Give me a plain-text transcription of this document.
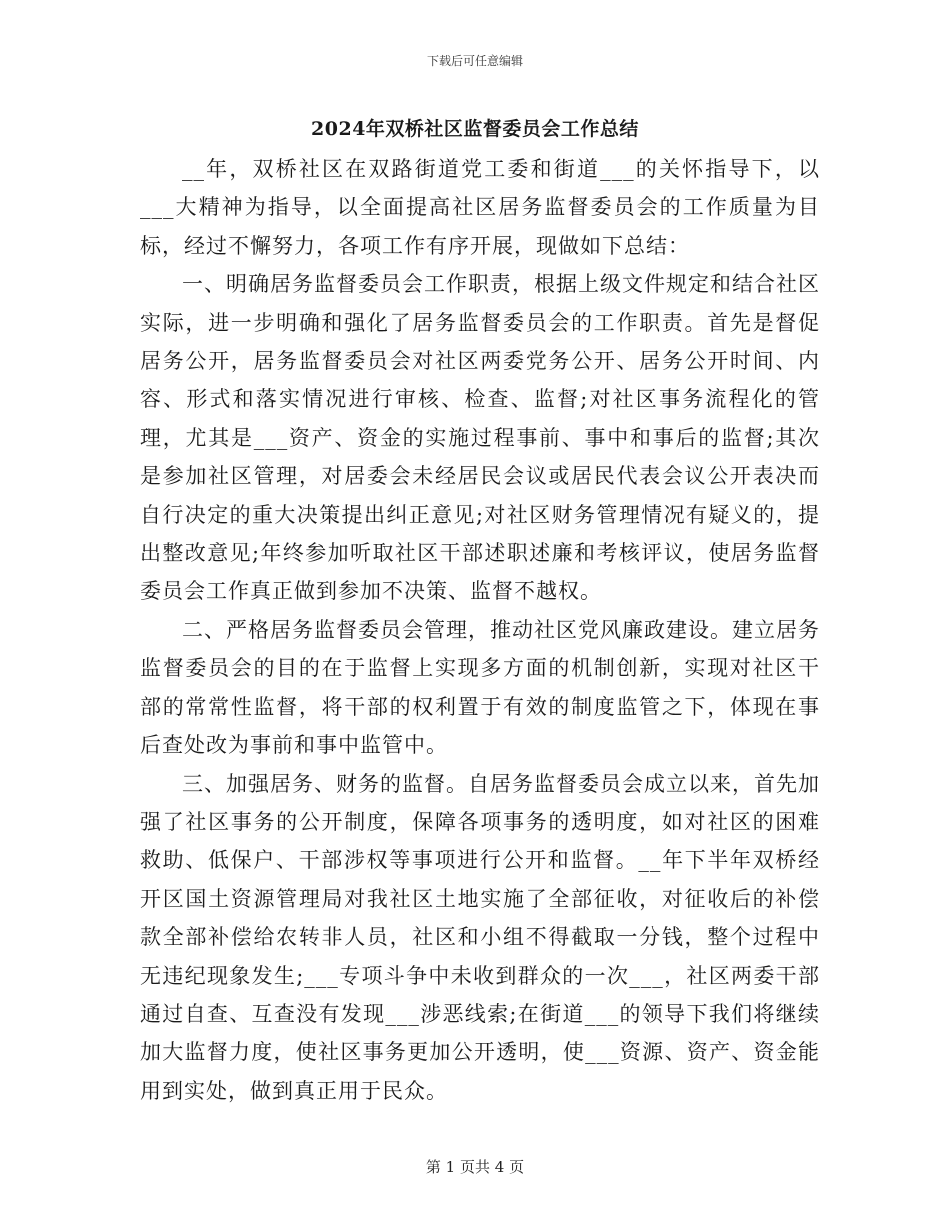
下载后可任意编辑
2024年双桥社区监督委员会工作总结

__年，双桥社区在双路街道党工委和街道___的关怀指导下，以___大精神为指导，以全面提高社区居务监督委员会的工作质量为目标，经过不懈努力，各项工作有序开展，现做如下总结：

一、明确居务监督委员会工作职责，根据上级文件规定和结合社区实际，进一步明确和强化了居务监督委员会的工作职责。首先是督促居务公开，居务监督委员会对社区两委党务公开、居务公开时间、内容、形式和落实情况进行审核、检查、监督;对社区事务流程化的管理，尤其是___资产、资金的实施过程事前、事中和事后的监督;其次是参加社区管理，对居委会未经居民会议或居民代表会议公开表决而自行决定的重大决策提出纠正意见;对社区财务管理情况有疑义的，提出整改意见;年终参加听取社区干部述职述廉和考核评议，使居务监督委员会工作真正做到参加不决策、监督不越权。

二、严格居务监督委员会管理，推动社区党风廉政建设。建立居务监督委员会的目的在于监督上实现多方面的机制创新，实现对社区干部的常常性监督，将干部的权利置于有效的制度监管之下，体现在事后查处改为事前和事中监管中。

三、加强居务、财务的监督。自居务监督委员会成立以来，首先加强了社区事务的公开制度，保障各项事务的透明度，如对社区的困难救助、低保户、干部涉权等事项进行公开和监督。__年下半年双桥经开区国土资源管理局对我社区土地实施了全部征收，对征收后的补偿款全部补偿给农转非人员，社区和小组不得截取一分钱，整个过程中无违纪现象发生;___专项斗争中未收到群众的一次___，社区两委干部通过自查、互查没有发现___涉恶线索;在街道___的领导下我们将继续加大监督力度，使社区事务更加公开透明，使___资源、资产、资金能用到实处，做到真正用于民众。

第 1 页共 4 页
